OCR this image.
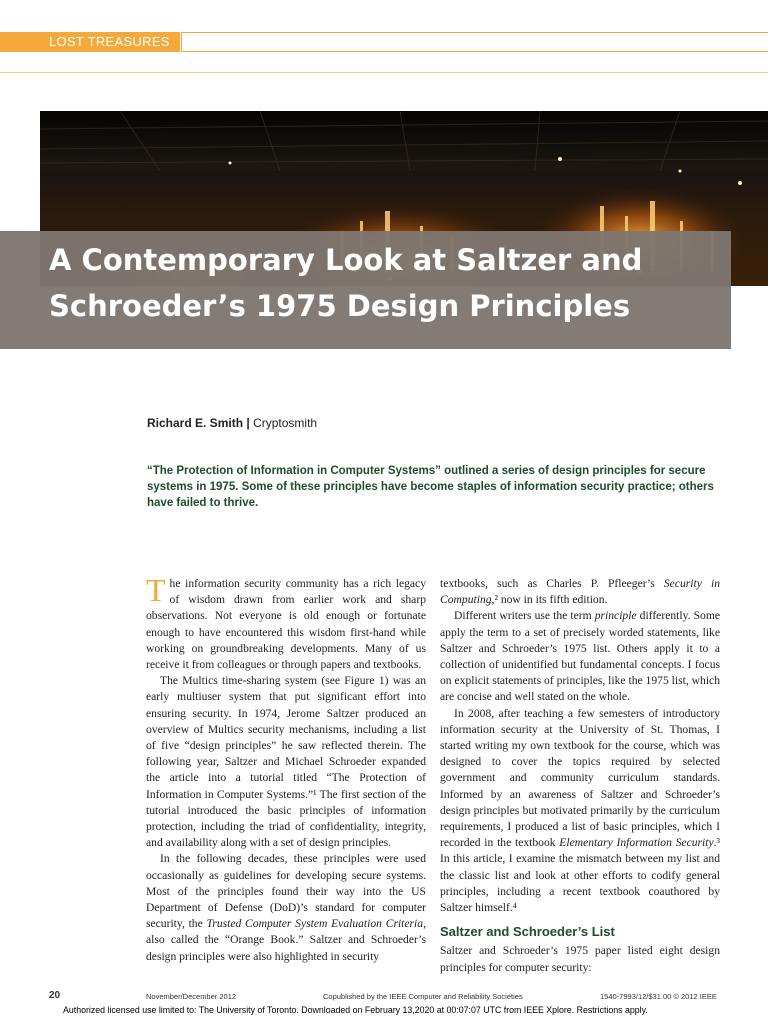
LOST TREASURES
A Contemporary Look at Saltzer and
Schroeder’s 1975 Design Principles
Richard E. Smith | Cryptosmith

“The Protection of Information in Computer Systems” outlined a series of design principles for secure systems in 1975. Some of these principles have become staples of information security practice; others have failed to thrive.

The information security community has a rich legacy of wisdom drawn from earlier work and sharp observations. Not everyone is old enough or fortunate enough to have encountered this wisdom first-hand while working on groundbreaking developments. Many of us receive it from colleagues or through papers and textbooks.

The Multics time-sharing system (see Figure 1) was an early multiuser system that put significant effort into ensuring security. In 1974, Jerome Saltzer produced an overview of Multics security mechanisms, including a list of five “design principles” he saw reflected therein. The following year, Saltzer and Michael Schroeder expanded the article into a tutorial titled “The Protection of Information in Computer Systems.”¹ The first section of the tutorial introduced the basic principles of information protection, including the triad of confidentiality, integrity, and availability along with a set of design principles.

In the following decades, these principles were used occasionally as guidelines for developing secure systems. Most of the principles found their way into the US Department of Defense (DoD)’s standard for computer security, the Trusted Computer System Evaluation Criteria, also called the “Orange Book.” Saltzer and Schroeder’s design principles were also highlighted in security

textbooks, such as Charles P. Pfleeger’s Security in Computing,² now in its fifth edition.

Different writers use the term principle differently. Some apply the term to a set of precisely worded statements, like Saltzer and Schroeder’s 1975 list. Others apply it to a collection of unidentified but fundamental concepts. I focus on explicit statements of principles, like the 1975 list, which are concise and well stated on the whole.

In 2008, after teaching a few semesters of introductory information security at the University of St. Thomas, I started writing my own textbook for the course, which was designed to cover the topics required by selected government and community curriculum standards. Informed by an awareness of Saltzer and Schroeder’s design principles but motivated primarily by the curriculum requirements, I produced a list of basic principles, which I recorded in the textbook Elementary Information Security.³ In this article, I examine the mismatch between my list and the classic list and look at other efforts to codify general principles, including a recent textbook coauthored by Saltzer himself.⁴

Saltzer and Schroeder’s List

Saltzer and Schroeder’s 1975 paper listed eight design principles for computer security:

20	November/December 2012	Copublished by the IEEE Computer and Reliability Societies	1540-7993/12/$31.00 © 2012 IEEE
Authorized licensed use limited to: The University of Toronto. Downloaded on February 13,2020 at 00:07:07 UTC from IEEE Xplore. Restrictions apply.
